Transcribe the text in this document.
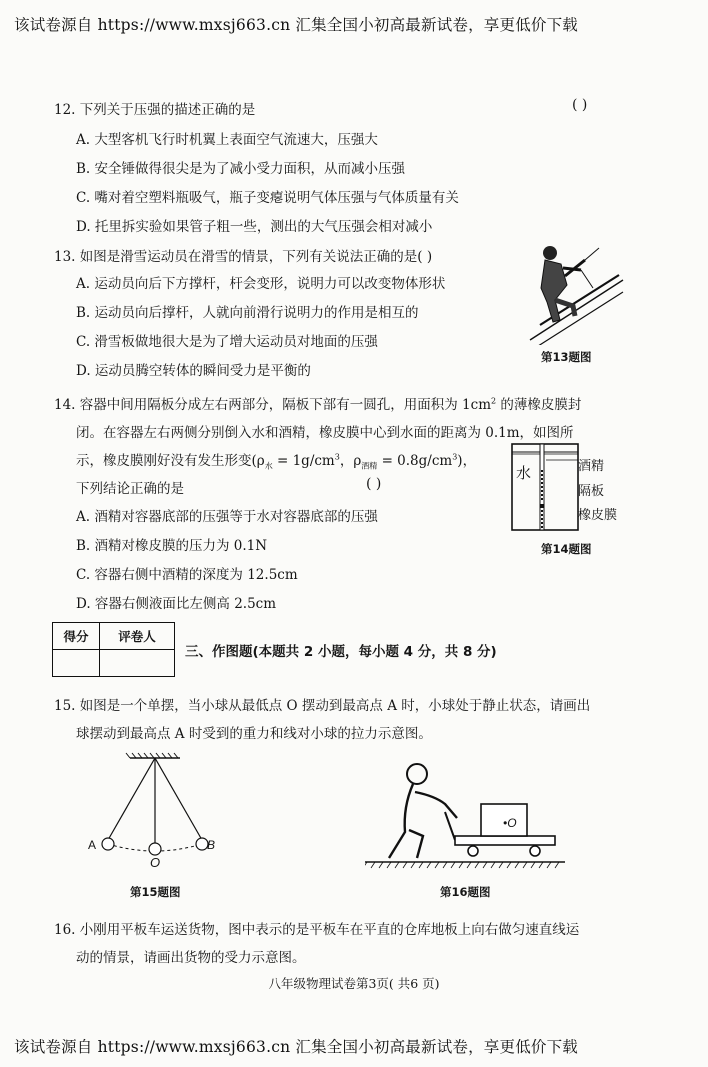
该试卷源自 https://www.mxsj663.cn 汇集全国小初高最新试卷，享更低价下载
12. 下列关于压强的描述正确的是	( )
A. 大型客机飞行时机翼上表面空气流速大，压强大
B. 安全锤做得很尖是为了减小受力面积，从而减小压强
C. 嘴对着空塑料瓶吸气，瓶子变瘪说明气体压强与气体质量有关
D. 托里拆实验如果管子粗一些，测出的大气压强会相对减小
13. 如图是滑雪运动员在滑雪的情景，下列有关说法正确的是( )
A. 运动员向后下方撑杆，杆会变形，说明力可以改变物体形状
B. 运动员向后撑杆，人就向前滑行说明力的作用是相互的
C. 滑雪板做地很大是为了增大运动员对地面的压强
D. 运动员腾空转体的瞬间受力是平衡的
第13题图
14. 容器中间用隔板分成左右两部分，隔板下部有一圆孔，用面积为 $1cm^2$ 的薄橡皮膜封
闭。在容器左右两侧分别倒入水和酒精，橡皮膜中心到水面的距离为 0.1m，如图所
示，橡皮膜刚好没有发生形变($\rho_水 = 1g/cm^3$，$\rho_{酒精} = 0.8g/cm^3$)，
下列结论正确的是	( )
A. 酒精对容器底部的压强等于水对容器底部的压强
B. 酒精对橡皮膜的压力为 0.1N
C. 容器右侧中酒精的深度为 12.5cm
D. 容器右侧液面比左侧高 2.5cm
水	酒精
隔板
橡皮膜
第14题图
得分	评卷人

三、作图题(本题共 2 小题，每小题 4 分，共 8 分)
15. 如图是一个单摆，当小球从最低点 O 摆动到最高点 A 时，小球处于静止状态，请画出
球摆动到最高点 A 时受到的重力和线对小球的拉力示意图。
A
O
B
第15题图
•O
第16题图
16. 小刚用平板车运送货物，图中表示的是平板车在平直的仓库地板上向右做匀速直线运
动的情景，请画出货物的受力示意图。
八年级物理试卷第3页( 共6 页)
该试卷源自 https://www.mxsj663.cn 汇集全国小初高最新试卷，享更低价下载
